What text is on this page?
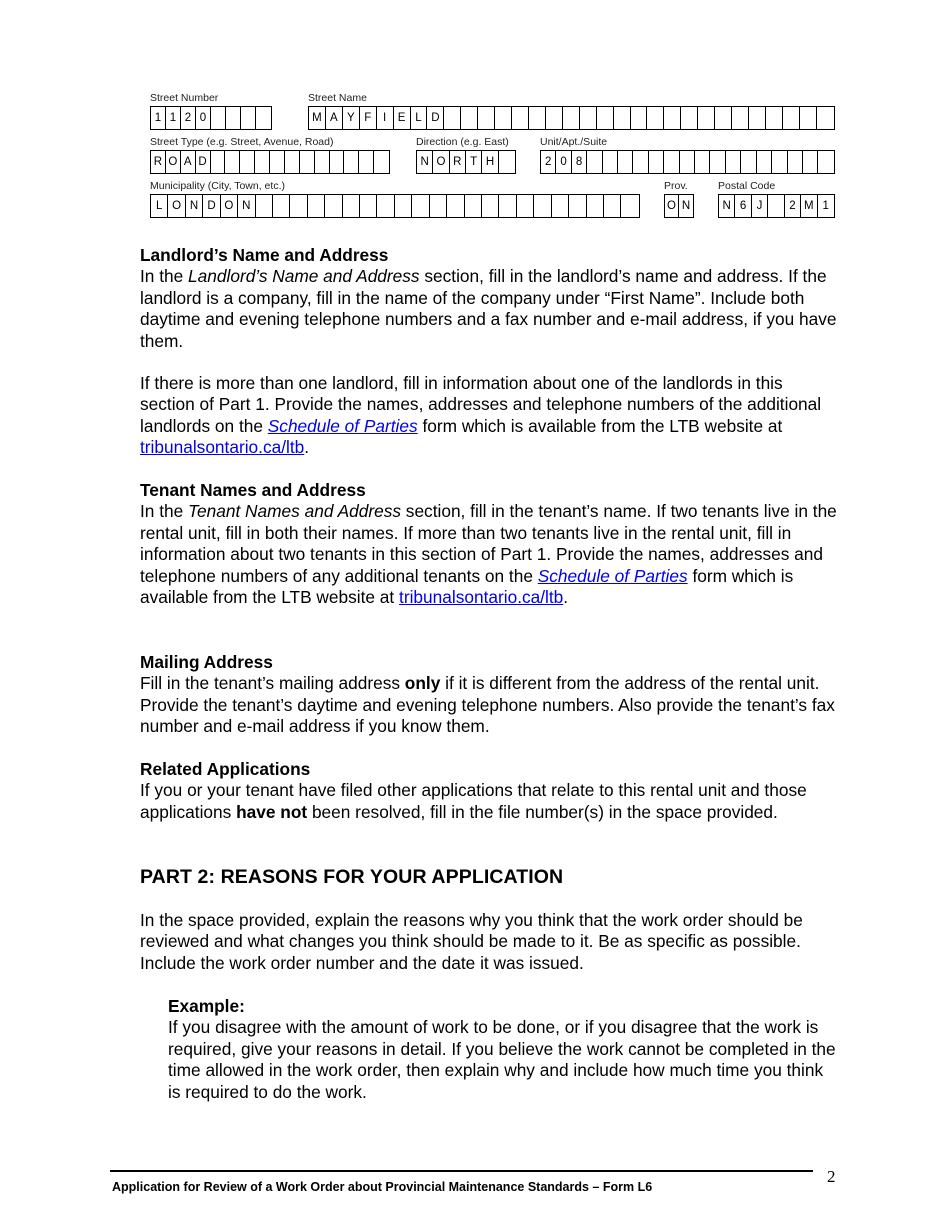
Street Number
1 1 2 0
Street Name
M A Y F	I E L D
Street Type (e.g. Street, Avenue, Road)
R O A D
Direction (e.g. East)
N O R T H
Unit/Apt./Suite
2 0 8
Municipality (City, Town, etc.)
L O N D O N
Prov.
O N
Postal Code
N 6 J	2 M 1

Landlord’s Name and Address

In the Landlord’s Name and Address section, fill in the landlord’s name and address. If the landlord is a company, fill in the name of the company under “First Name”. Include both daytime and evening telephone numbers and a fax number and e-mail address, if you have them.

If there is more than one landlord, fill in information about one of the landlords in this section of Part 1. Provide the names, addresses and telephone numbers of the additional landlords on the Schedule of Parties form which is available from the LTB website at tribunalsontario.ca/ltb.

Tenant Names and Address

In the Tenant Names and Address section, fill in the tenant’s name. If two tenants live in the rental unit, fill in both their names. If more than two tenants live in the rental unit, fill in information about two tenants in this section of Part 1. Provide the names, addresses and telephone numbers of any additional tenants on the Schedule of Parties form which is available from the LTB website at tribunalsontario.ca/ltb.

Mailing Address

Fill in the tenant’s mailing address only if it is different from the address of the rental unit. Provide the tenant’s daytime and evening telephone numbers. Also provide the tenant’s fax number and e-mail address if you know them.

Related Applications

If you or your tenant have filed other applications that relate to this rental unit and those applications have not been resolved, fill in the file number(s) in the space provided.

PART 2: REASONS FOR YOUR APPLICATION

In the space provided, explain the reasons why you think that the work order should be reviewed and what changes you think should be made to it. Be as specific as possible. Include the work order number and the date it was issued.

Example:

If you disagree with the amount of work to be done, or if you disagree that the work is required, give your reasons in detail. If you believe the work cannot be completed in the time allowed in the work order, then explain why and include how much time you think is required to do the work.

Application for Review of a Work Order about Provincial Maintenance Standards – Form L6
2
